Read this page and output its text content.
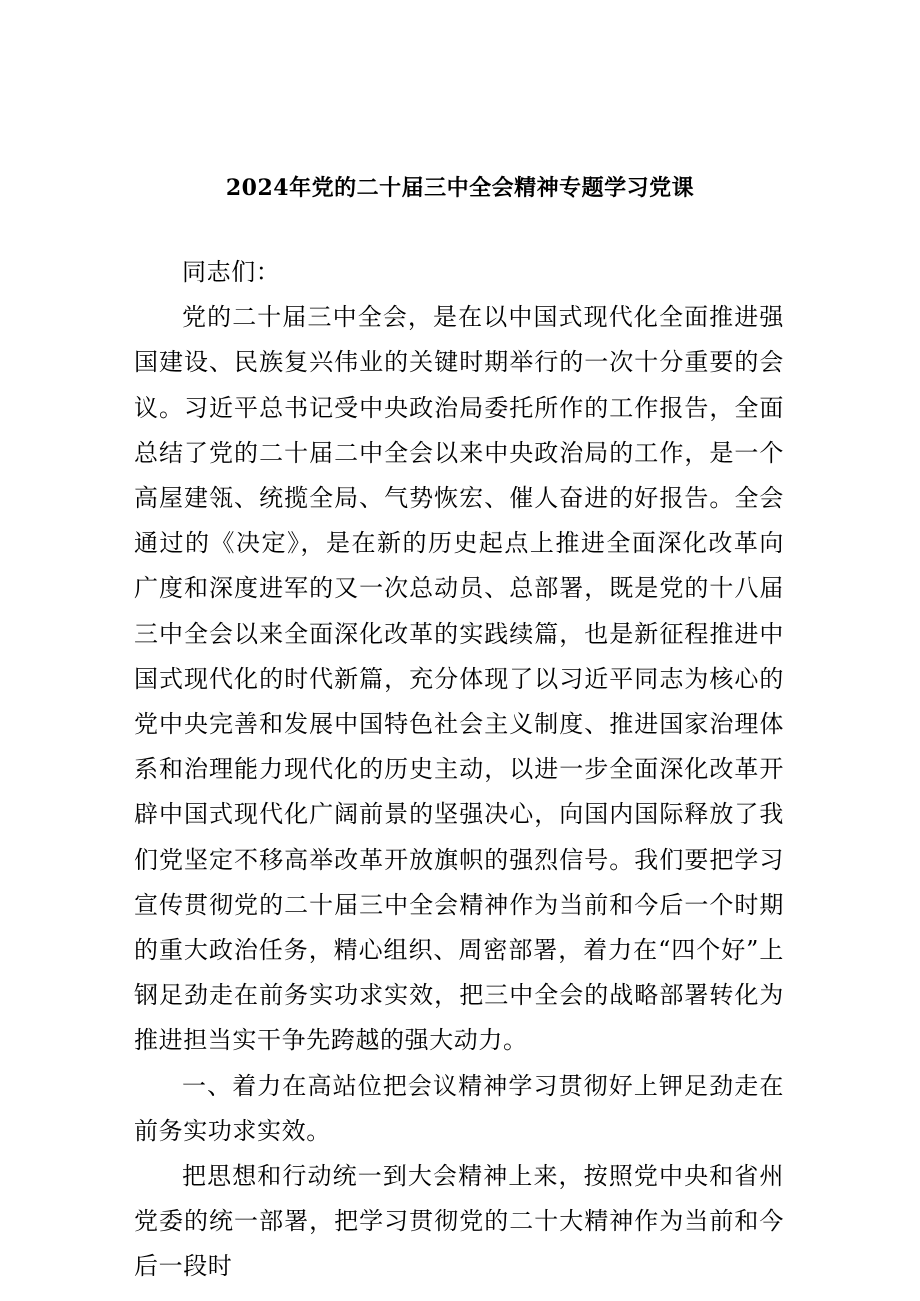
2024年党的二十届三中全会精神专题学习党课

同志们：

党的二十届三中全会，是在以中国式现代化全面推进强国建设、民族复兴伟业的关键时期举行的一次十分重要的会议。习近平总书记受中央政治局委托所作的工作报告，全面总结了党的二十届二中全会以来中央政治局的工作，是一个高屋建瓴、统揽全局、气势恢宏、催人奋进的好报告。全会通过的《决定》，是在新的历史起点上推进全面深化改革向广度和深度进军的又一次总动员、总部署，既是党的十八届三中全会以来全面深化改革的实践续篇，也是新征程推进中国式现代化的时代新篇，充分体现了以习近平同志为核心的党中央完善和发展中国特色社会主义制度、推进国家治理体系和治理能力现代化的历史主动，以进一步全面深化改革开辟中国式现代化广阔前景的坚强决心，向国内国际释放了我们党坚定不移高举改革开放旗帜的强烈信号。我们要把学习宣传贯彻党的二十届三中全会精神作为当前和今后一个时期的重大政治任务，精心组织、周密部署，着力在“四个好”上钢足劲走在前务实功求实效，把三中全会的战略部署转化为推进担当实干争先跨越的强大动力。

一、着力在高站位把会议精神学习贯彻好上钾足劲走在前务实功求实效。

把思想和行动统一到大会精神上来，按照党中央和省州党委的统一部署，把学习贯彻党的二十大精神作为当前和今后一段时
